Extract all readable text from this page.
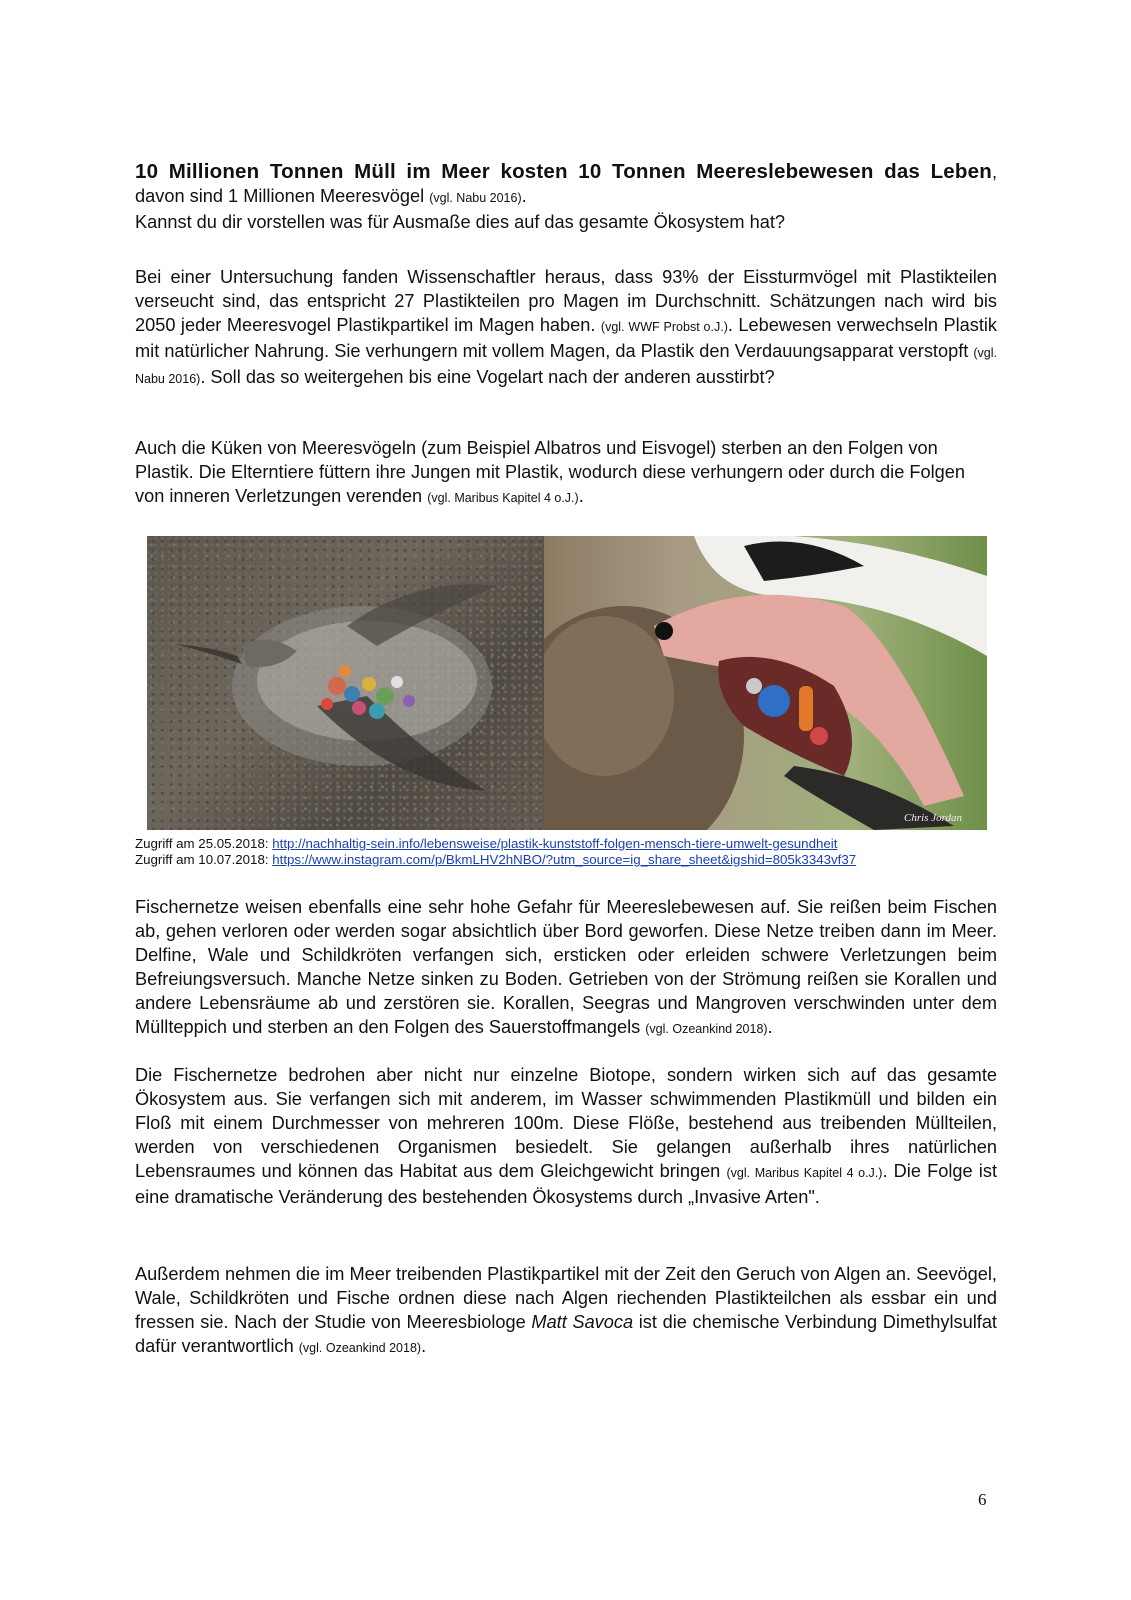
10 Millionen Tonnen Müll im Meer kosten 10 Tonnen Meereslebewesen das Leben, davon sind 1 Millionen Meeresvögel (vgl. Nabu 2016).
Kannst du dir vorstellen was für Ausmaße dies auf das gesamte Ökosystem hat?

Bei einer Untersuchung fanden Wissenschaftler heraus, dass 93% der Eissturmvögel mit Plastikteilen verseucht sind, das entspricht 27 Plastikteilen pro Magen im Durchschnitt. Schätzungen nach wird bis 2050 jeder Meeresvogel Plastikpartikel im Magen haben. (vgl. WWF Probst o.J.). Lebewesen verwechseln Plastik mit natürlicher Nahrung. Sie verhungern mit vollem Magen, da Plastik den Verdauungsapparat verstopft (vgl. Nabu 2016). Soll das so weitergehen bis eine Vogelart nach der anderen ausstirbt?

Auch die Küken von Meeresvögeln (zum Beispiel Albatros und Eisvogel) sterben an den Folgen von Plastik. Die Elterntiere füttern ihre Jungen mit Plastik, wodurch diese verhungern oder durch die Folgen von inneren Verletzungen verenden (vgl. Maribus Kapitel 4 o.J.).

Chris Jordan
Zugriff am 25.05.2018: http://nachhaltig-sein.info/lebensweise/plastik-kunststoff-folgen-mensch-tiere-umwelt-gesundheit
Zugriff am 10.07.2018: https://www.instagram.com/p/BkmLHV2hNBO/?utm_source=ig_share_sheet&igshid=805k3343vf37

Fischernetze weisen ebenfalls eine sehr hohe Gefahr für Meereslebewesen auf. Sie reißen beim Fischen ab, gehen verloren oder werden sogar absichtlich über Bord geworfen. Diese Netze treiben dann im Meer. Delfine, Wale und Schildkröten verfangen sich, ersticken oder erleiden schwere Verletzungen beim Befreiungsversuch. Manche Netze sinken zu Boden. Getrieben von der Strömung reißen sie Korallen und andere Lebensräume ab und zerstören sie. Korallen, Seegras und Mangroven verschwinden unter dem Müllteppich und sterben an den Folgen des Sauerstoffmangels (vgl. Ozeankind 2018).

Die Fischernetze bedrohen aber nicht nur einzelne Biotope, sondern wirken sich auf das gesamte Ökosystem aus. Sie verfangen sich mit anderem, im Wasser schwimmenden Plastikmüll und bilden ein Floß mit einem Durchmesser von mehreren 100m. Diese Flöße, bestehend aus treibenden Müllteilen, werden von verschiedenen Organismen besiedelt. Sie gelangen außerhalb ihres natürlichen Lebensraumes und können das Habitat aus dem Gleichgewicht bringen (vgl. Maribus Kapitel 4 o.J.). Die Folge ist eine dramatische Veränderung des bestehenden Ökosystems durch „Invasive Arten".

Außerdem nehmen die im Meer treibenden Plastikpartikel mit der Zeit den Geruch von Algen an. Seevögel, Wale, Schildkröten und Fische ordnen diese nach Algen riechenden Plastikteilchen als essbar ein und fressen sie. Nach der Studie von Meeresbiologe Matt Savoca ist die chemische Verbindung Dimethylsulfat dafür verantwortlich (vgl. Ozeankind 2018).

6
